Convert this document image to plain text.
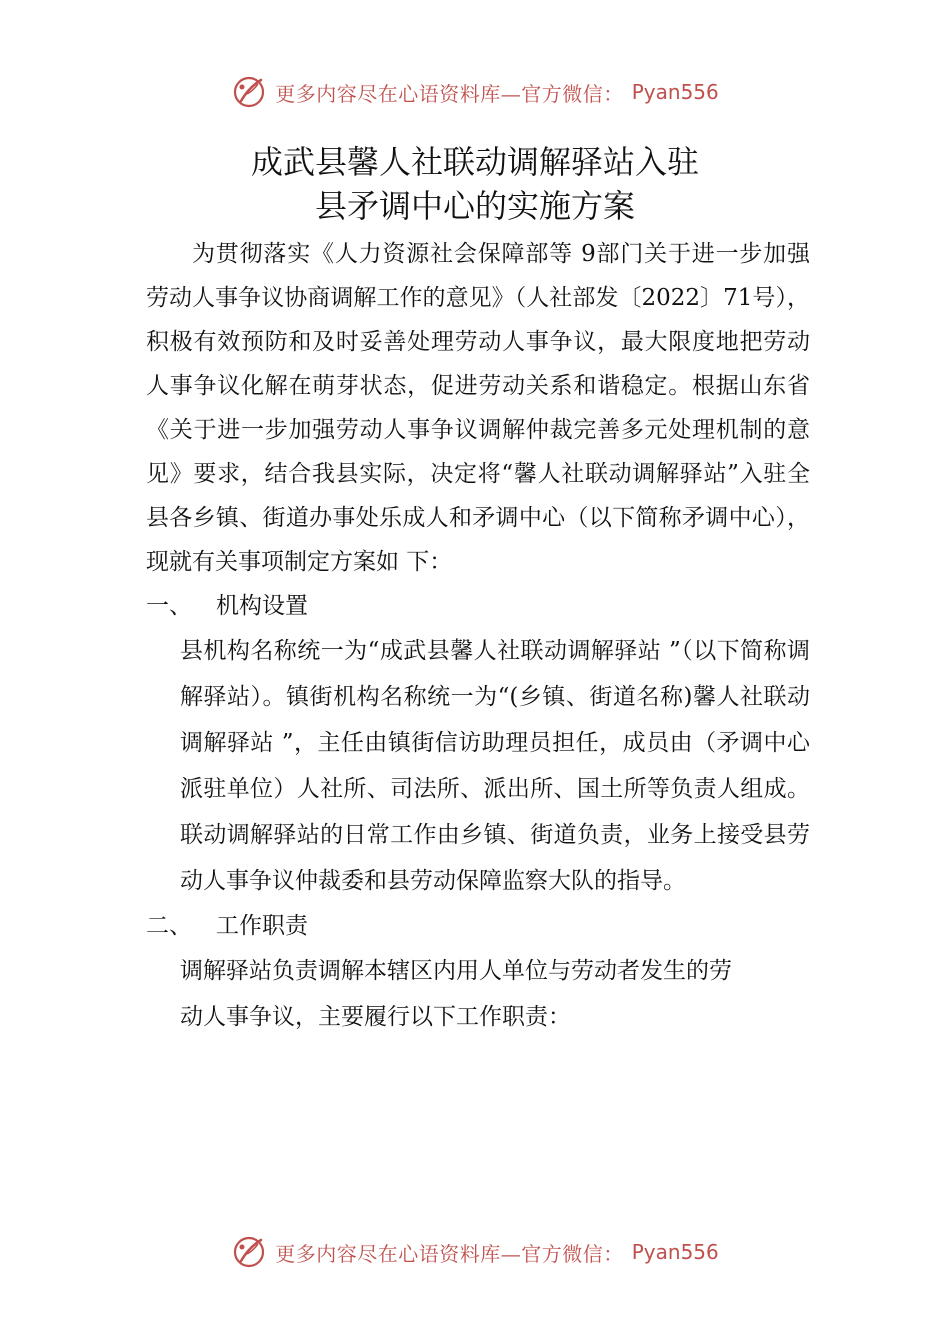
更多内容尽在心语资料库—官方微信： Pyan556
成武县馨人社联动调解驿站入驻
县矛调中心的实施方案

为贯彻落实《人力资源社会保障部等 9部门关于进一步加强劳动人事争议协商调解工作的意见》（人社部发〔2022〕71号），积极有效预防和及时妥善处理劳动人事争议，最大限度地把劳动人事争议化解在萌芽状态，促进劳动关系和谐稳定。根据山东省《关于进一步加强劳动人事争议调解仲裁完善多元处理机制的意见》要求，结合我县实际，决定将“馨人社联动调解驿站”入驻全县各乡镇、街道办事处乐成人和矛调中心（以下简称矛调中心），现就有关事项制定方案如 下：

一、 机构设置

县机构名称统一为“成武县馨人社联动调解驿站 ”（以下简称调解驿站）。镇街机构名称统一为“(乡镇、街道名称)馨人社联动调解驿站 ”，主任由镇街信访助理员担任，成员由（矛调中心派驻单位）人社所、司法所、派出所、国土所等负责人组成。联动调解驿站的日常工作由乡镇、街道负责，业务上接受县劳动人事争议仲裁委和县劳动保障监察大队的指导。

二、 工作职责
调解驿站负责调解本辖区内用人单位与劳动者发生的劳
动人事争议，主要履行以下工作职责：
更多内容尽在心语资料库—官方微信： Pyan556
